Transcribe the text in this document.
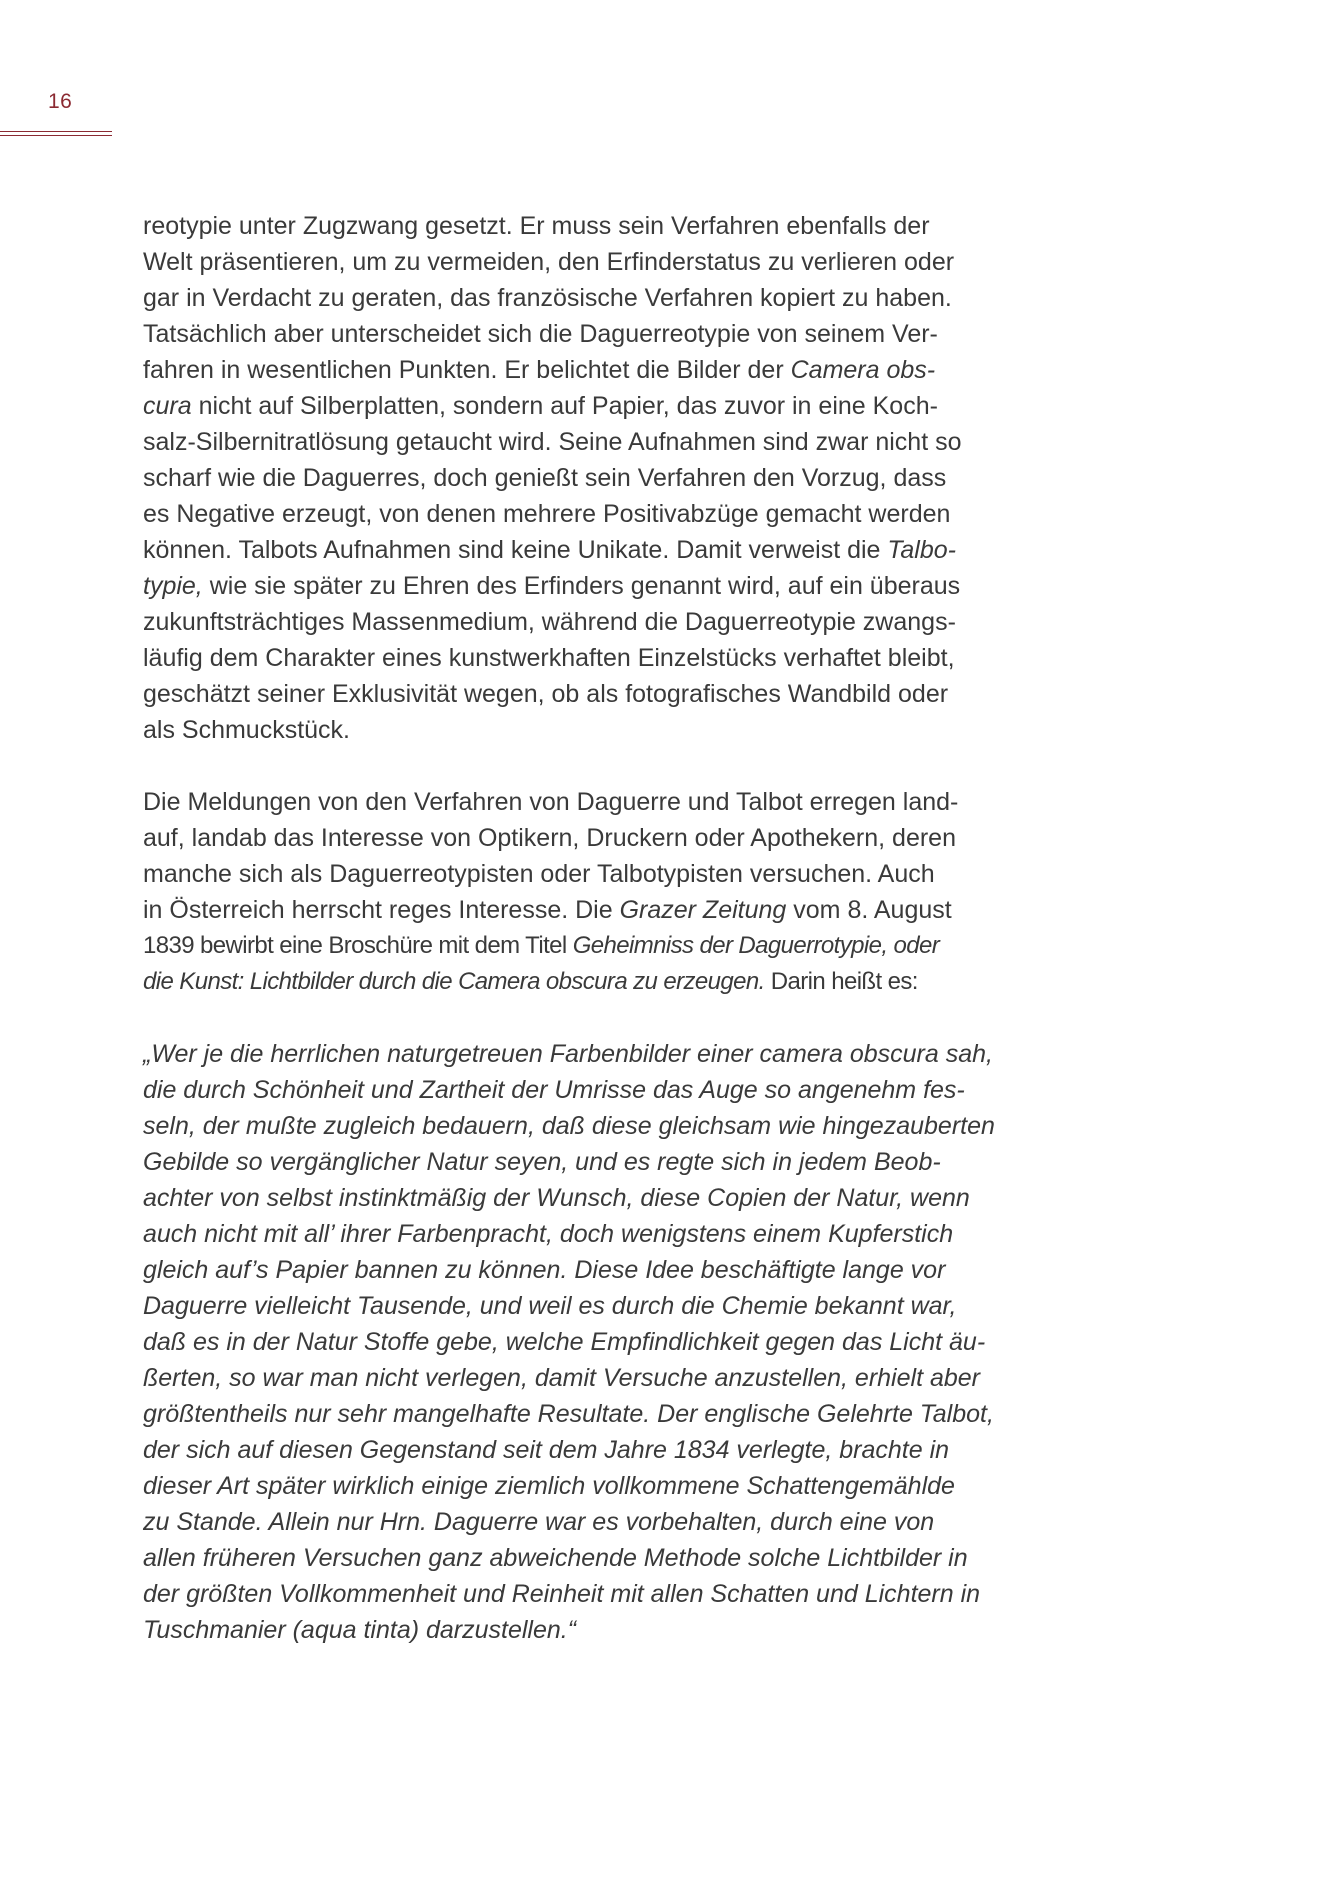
16
reotypie unter Zugzwang gesetzt. Er muss sein Verfahren ebenfalls der
Welt präsentieren, um zu vermeiden, den Erfinderstatus zu verlieren oder
gar in Verdacht zu geraten, das französische Verfahren kopiert zu haben.
Tatsächlich aber unterscheidet sich die Daguerreotypie von seinem Ver-
fahren in wesentlichen Punkten. Er belichtet die Bilder der Camera obs-
cura nicht auf Silberplatten, sondern auf Papier, das zuvor in eine Koch-
salz-Silbernitratlösung getaucht wird. Seine Aufnahmen sind zwar nicht so
scharf wie die Daguerres, doch genießt sein Verfahren den Vorzug, dass
es Negative erzeugt, von denen mehrere Positivabzüge gemacht werden
können. Talbots Aufnahmen sind keine Unikate. Damit verweist die Talbo-
typie, wie sie später zu Ehren des Erfinders genannt wird, auf ein überaus
zukunftsträchtiges Massenmedium, während die Daguerreotypie zwangs-
läufig dem Charakter eines kunstwerkhaften Einzelstücks verhaftet bleibt,
geschätzt seiner Exklusivität wegen, ob als fotografisches Wandbild oder
als Schmuckstück.
Die Meldungen von den Verfahren von Daguerre und Talbot erregen land-
auf, landab das Interesse von Optikern, Druckern oder Apothekern, deren
manche sich als Daguerreotypisten oder Talbotypisten versuchen. Auch
in Österreich herrscht reges Interesse. Die Grazer Zeitung vom 8. August
1839 bewirbt eine Broschüre mit dem Titel Geheimniss der Daguerrotypie, oder
die Kunst: Lichtbilder durch die Camera obscura zu erzeugen. Darin heißt es:
„Wer je die herrlichen naturgetreuen Farbenbilder einer camera obscura sah,
die durch Schönheit und Zartheit der Umrisse das Auge so angenehm fes-
seln, der mußte zugleich bedauern, daß diese gleichsam wie hingezauberten
Gebilde so vergänglicher Natur seyen, und es regte sich in jedem Beob-
achter von selbst instinktmäßig der Wunsch, diese Copien der Natur, wenn
auch nicht mit all’ ihrer Farbenpracht, doch wenigstens einem Kupferstich
gleich auf’s Papier bannen zu können. Diese Idee beschäftigte lange vor
Daguerre vielleicht Tausende, und weil es durch die Chemie bekannt war,
daß es in der Natur Stoffe gebe, welche Empfindlichkeit gegen das Licht äu-
ßerten, so war man nicht verlegen, damit Versuche anzustellen, erhielt aber
größtentheils nur sehr mangelhafte Resultate. Der englische Gelehrte Talbot,
der sich auf diesen Gegenstand seit dem Jahre 1834 verlegte, brachte in
dieser Art später wirklich einige ziemlich vollkommene Schattengemählde
zu Stande. Allein nur Hrn. Daguerre war es vorbehalten, durch eine von
allen früheren Versuchen ganz abweichende Methode solche Lichtbilder in
der größten Vollkommenheit und Reinheit mit allen Schatten und Lichtern in
Tuschmanier (aqua tinta) darzustellen.“
